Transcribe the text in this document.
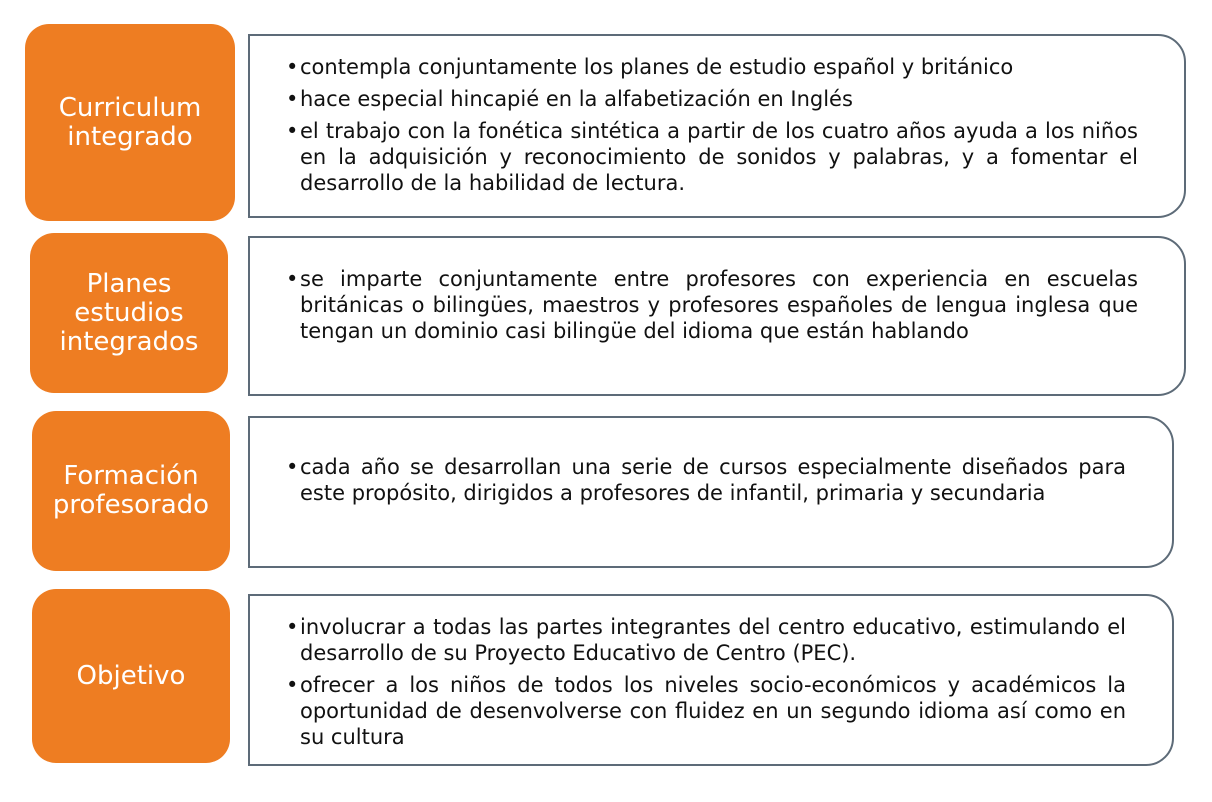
Curriculum
integrado
• contempla conjuntamente los planes de estudio español y británico
• hace especial hincapié en la alfabetización en Inglés
• el trabajo con la fonética sintética a partir de los cuatro años ayuda a los niños en la adquisición y reconocimiento de sonidos y palabras, y a fomentar el desarrollo de la habilidad de lectura.
Planes
estudios
integrados
• se imparte conjuntamente entre profesores con experiencia en escuelas británicas o bilingües, maestros y profesores españoles de lengua inglesa que tengan un dominio casi bilingüe del idioma que están hablando
Formación
profesorado
• cada año se desarrollan una serie de cursos especialmente diseñados para este propósito, dirigidos a profesores de infantil, primaria y secundaria
Objetivo
• involucrar a todas las partes integrantes del centro educativo, estimulando el desarrollo de su Proyecto Educativo de Centro (PEC).
• ofrecer a los niños de todos los niveles socio-económicos y académicos la oportunidad de desenvolverse con fluidez en un segundo idioma así como en su cultura
